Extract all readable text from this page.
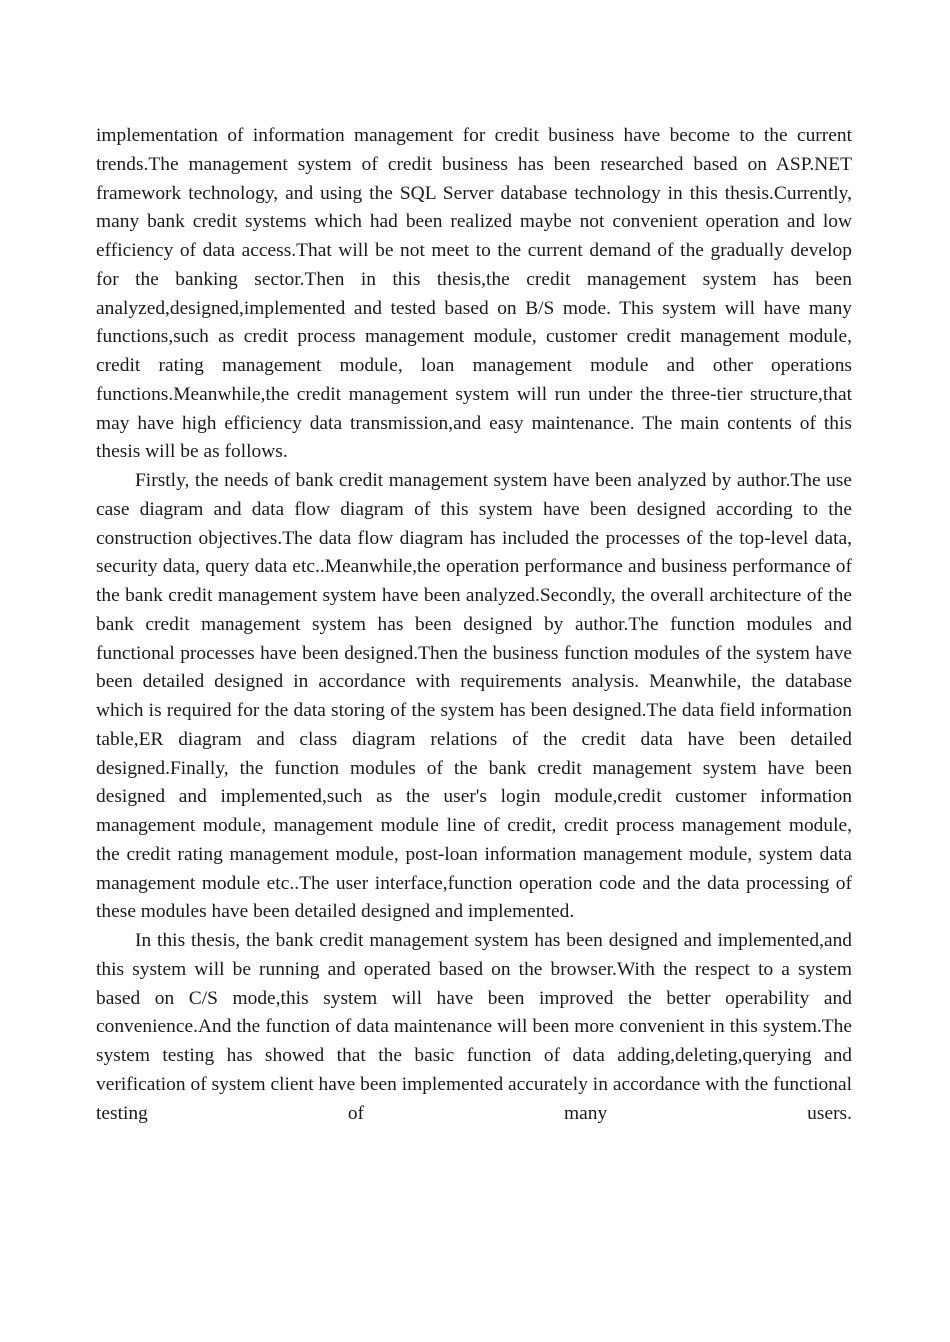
implementation of information management for credit business have become to the current trends.The management system of credit business has been researched based on ASP.NET framework technology, and using the SQL Server database technology in this thesis.Currently, many bank credit systems which had been realized maybe not convenient operation and low efficiency of data access.That will be not meet to the current demand of the gradually develop for the banking sector.Then in this thesis,the credit management system has been analyzed,designed,implemented and tested based on B/S mode. This system will have many functions,such as credit process management module, customer credit management module, credit rating management module, loan management module and other operations functions.Meanwhile,the credit management system will run under the three-tier structure,that may have high efficiency data transmission,and easy maintenance. The main contents of this thesis will be as follows.

Firstly, the needs of bank credit management system have been analyzed by author.The use case diagram and data flow diagram of this system have been designed according to the construction objectives.The data flow diagram has included the processes of the top-level data, security data, query data etc..Meanwhile,the operation performance and business performance of the bank credit management system have been analyzed.Secondly, the overall architecture of the bank credit management system has been designed by author.The function modules and functional processes have been designed.Then the business function modules of the system have been detailed designed in accordance with requirements analysis. Meanwhile, the database which is required for the data storing of the system has been designed.The data field information table,ER diagram and class diagram relations of the credit data have been detailed designed.Finally, the function modules of the bank credit management system have been designed and implemented,such as the user's login module,credit customer information management module, management module line of credit, credit process management module, the credit rating management module, post-loan information management module, system data management module etc..The user interface,function operation code and the data processing of these modules have been detailed designed and implemented.

In this thesis, the bank credit management system has been designed and implemented,and this system will be running and operated based on the browser.With the respect to a system based on C/S mode,this system will have been improved the better operability and convenience.And the function of data maintenance will been more convenient in this system.The system testing has showed that the basic function of data adding,deleting,querying and verification of system client have been implemented accurately in accordance with the functional testing of many users.
